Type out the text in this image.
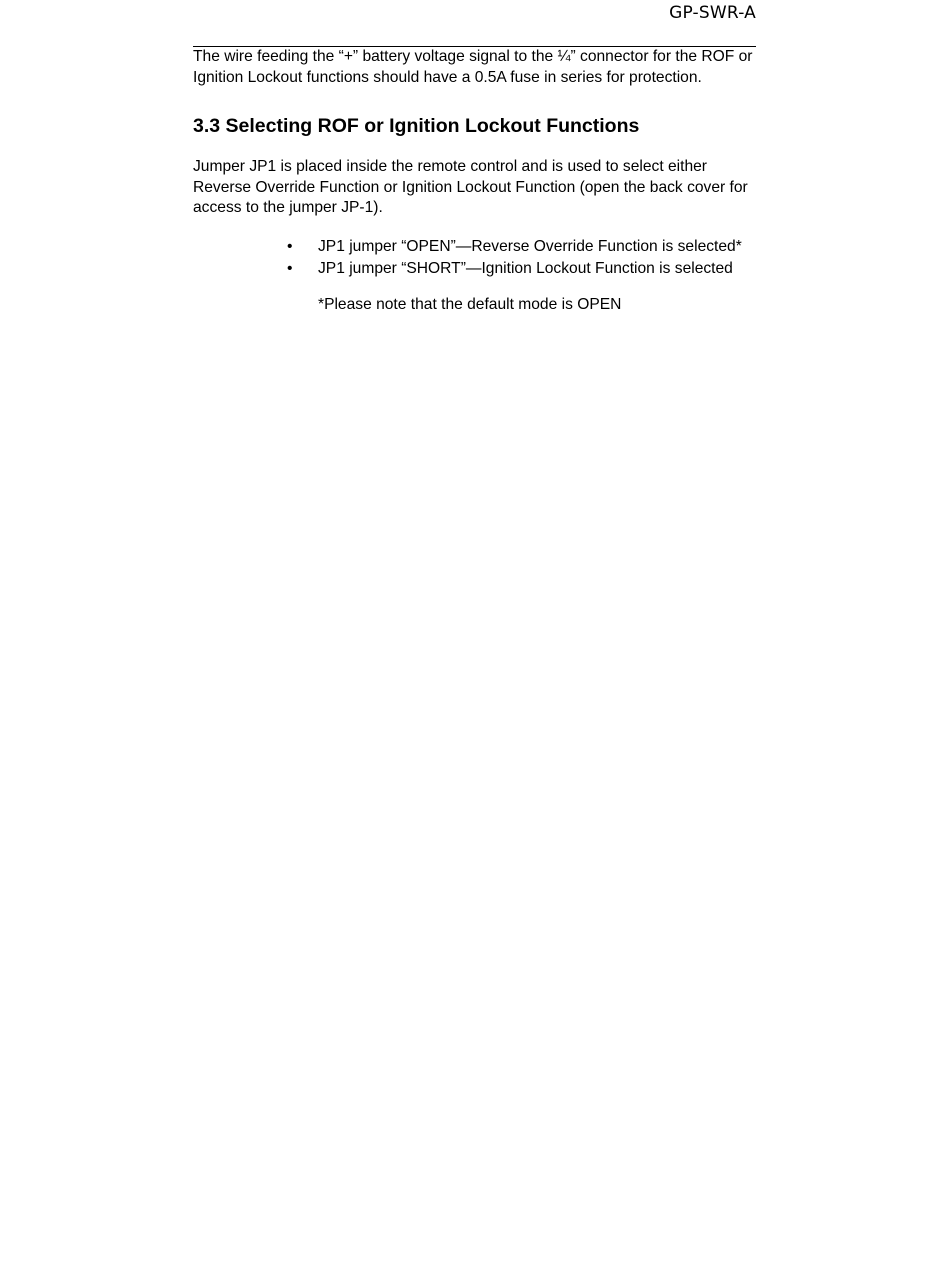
GP-SWR-A

The wire feeding the “+” battery voltage signal to the ¼” connector for the ROF or Ignition Lockout functions should have a 0.5A fuse in series for protection.

3.3 Selecting ROF or Ignition Lockout Functions

Jumper JP1 is placed inside the remote control and is used to select either Reverse Override Function or Ignition Lockout Function (open the back cover for access to the jumper JP-1).

• JP1 jumper “OPEN”—Reverse Override Function is selected*
• JP1 jumper “SHORT”—Ignition Lockout Function is selected

*Please note that the default mode is OPEN
